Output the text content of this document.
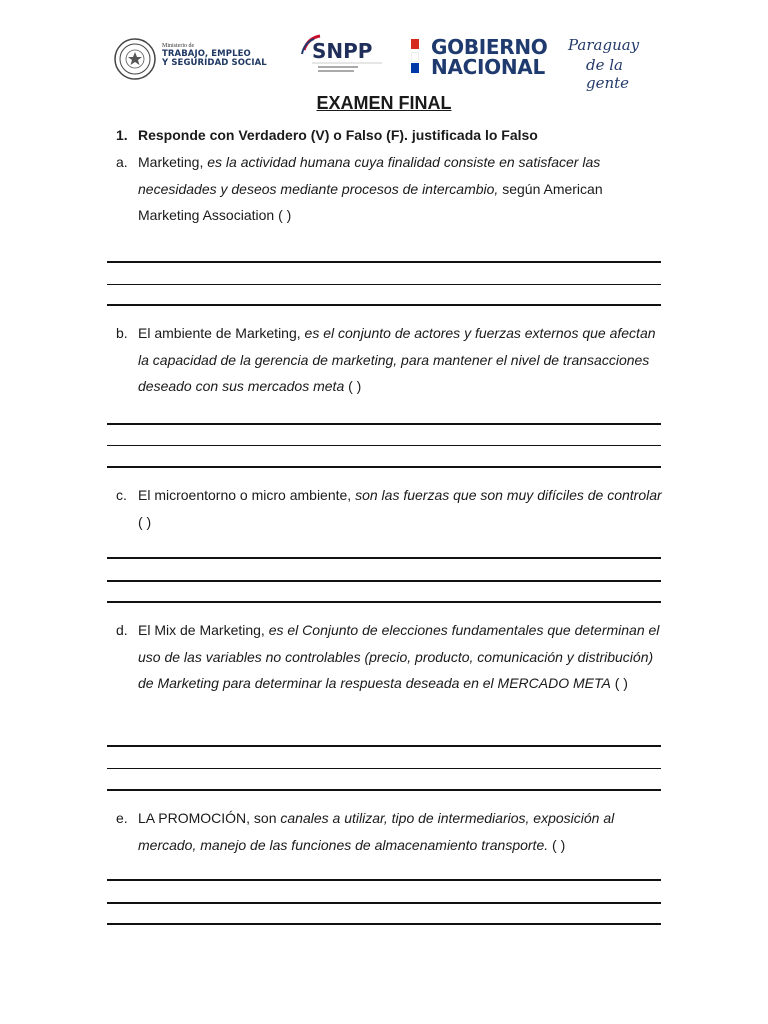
Ministerio de
TRABAJO, EMPLEO
Y SEGURIDAD SOCIAL	SNPP	GOBIERNO
NACIONAL
Paraguay
de la gente
EXAMEN FINAL
1. Responde con Verdadero (V) o Falso (F). justificada lo Falso
a. Marketing, es la actividad humana cuya finalidad consiste en satisfacer las necesidades y deseos mediante procesos de intercambio, según American Marketing Association ( )
b. El ambiente de Marketing, es el conjunto de actores y fuerzas externos que afectan la capacidad de la gerencia de marketing, para mantener el nivel de transacciones deseado con sus mercados meta ( )
c. El microentorno o micro ambiente, son las fuerzas que son muy difíciles de controlar ( )
d. El Mix de Marketing, es el Conjunto de elecciones fundamentales que determinan el uso de las variables no controlables (precio, producto, comunicación y distribución) de Marketing para determinar la respuesta deseada en el MERCADO META ( )
e. LA PROMOCIÓN, son canales a utilizar, tipo de intermediarios, exposición al mercado, manejo de las funciones de almacenamiento transporte. ( )
